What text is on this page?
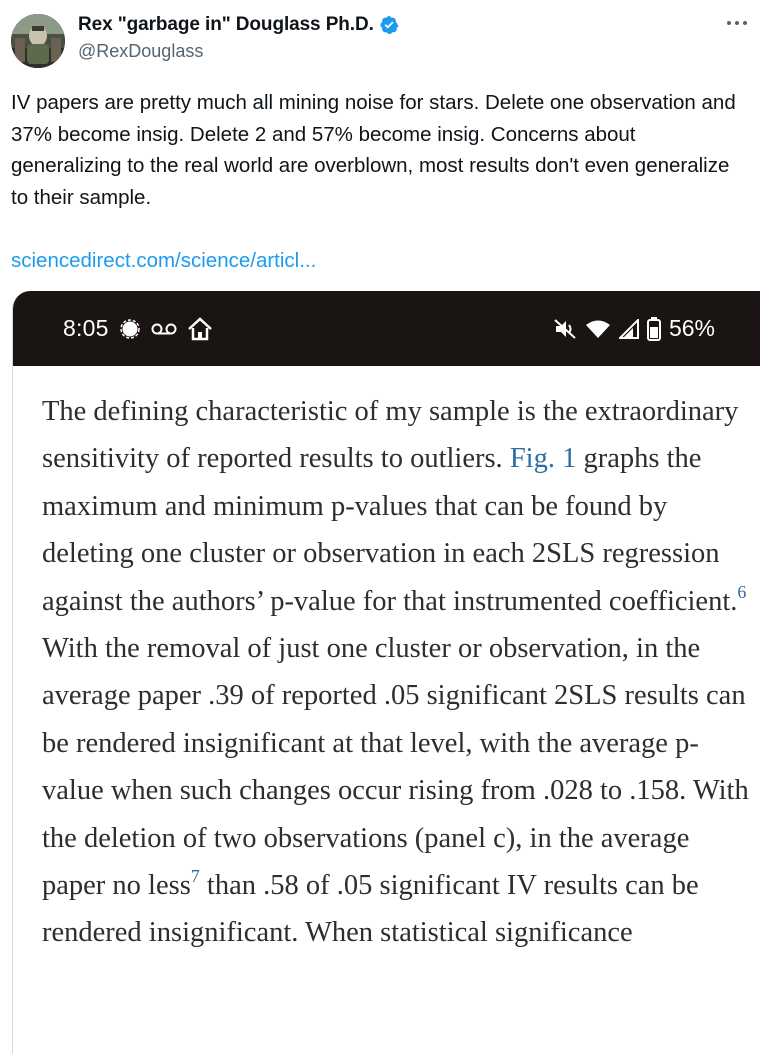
Rex "garbage in" Douglass Ph.D.
@RexDouglass

IV papers are pretty much all mining noise for stars. Delete one observation and 37% become insig. Delete 2 and 57% become insig. Concerns about generalizing to the real world are overblown, most results don't even generalize to their sample.

sciencedirect.com/science/articl...
8:05	56%

The defining characteristic of my sample is the extraordinary sensitivity of reported results to outliers. Fig. 1 graphs the maximum and minimum p-values that can be found by deleting one cluster or observation in each 2SLS regression against the authors’ p-value for that instrumented coefficient.$^6$ With the removal of just one cluster or observation, in the average paper .39 of reported .05 significant 2SLS results can be rendered insignificant at that level, with the average p-value when such changes occur rising from .028 to .158. With the deletion of two observations (panel c), in the average paper no less$^7$ than .58 of .05 significant IV results can be rendered insignificant. When statistical significance
